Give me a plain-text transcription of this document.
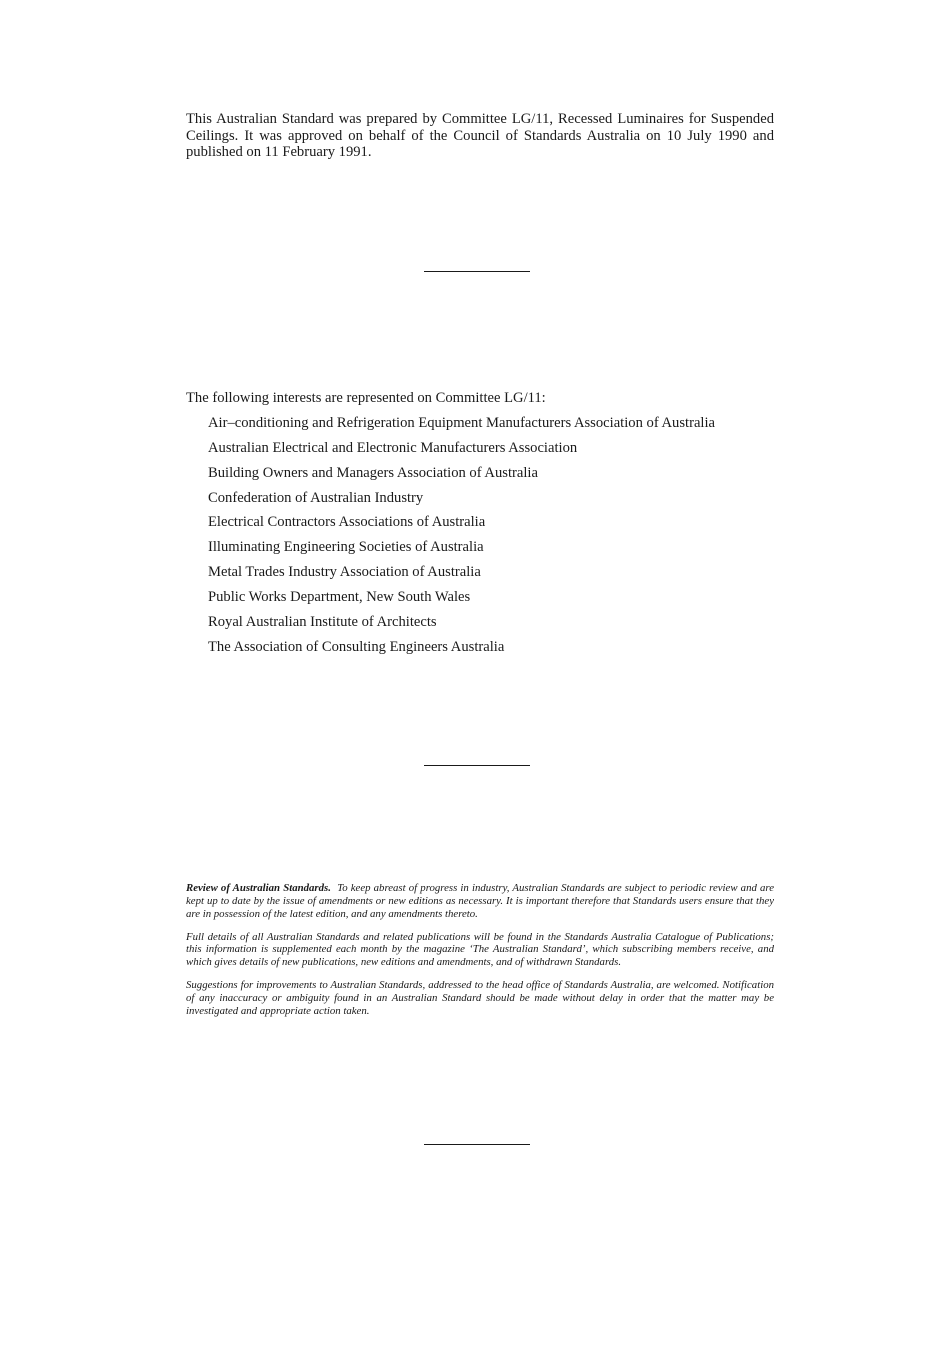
This Australian Standard was prepared by Committee LG/11, Recessed Luminaires for Suspended Ceilings. It was approved on behalf of the Council of Standards Australia on 10 July 1990 and published on 11 February 1991.

The following interests are represented on Committee LG/11:

Air–conditioning and Refrigeration Equipment Manufacturers Association of Australia
Australian Electrical and Electronic Manufacturers Association
Building Owners and Managers Association of Australia
Confederation of Australian Industry
Electrical Contractors Associations of Australia
Illuminating Engineering Societies of Australia
Metal Trades Industry Association of Australia
Public Works Department, New South Wales
Royal Australian Institute of Architects
The Association of Consulting Engineers Australia

Review of Australian Standards. To keep abreast of progress in industry, Australian Standards are subject to periodic review and are kept up to date by the issue of amendments or new editions as necessary. It is important therefore that Standards users ensure that they are in possession of the latest edition, and any amendments thereto.

Full details of all Australian Standards and related publications will be found in the Standards Australia Catalogue of Publications; this information is supplemented each month by the magazine ‘The Australian Standard’, which subscribing members receive, and which gives details of new publications, new editions and amendments, and of withdrawn Standards.

Suggestions for improvements to Australian Standards, addressed to the head office of Standards Australia, are welcomed. Notification of any inaccuracy or ambiguity found in an Australian Standard should be made without delay in order that the matter may be investigated and appropriate action taken.
